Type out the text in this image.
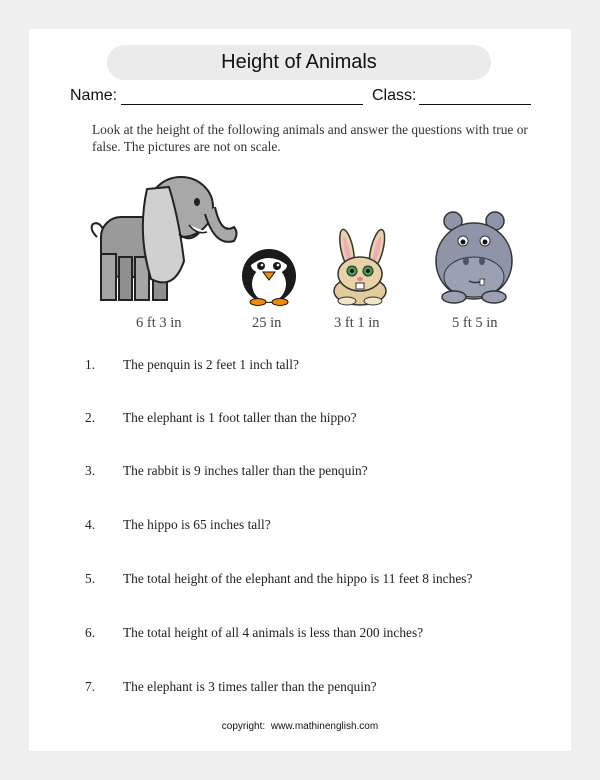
Height of Animals
Name:	Class:
Look at the height of the following animals and answer the questions with true or false. The pictures are not on scale.
6 ft 3 in	25 in	3 ft 1 in	5 ft 5 in
1. The penquin is 2 feet 1 inch tall?
2. The elephant is 1 foot taller than the hippo?
3. The rabbit is 9 inches taller than the penquin?
4. The hippo is 65 inches tall?
5. The total height of the elephant and the hippo is 11 feet 8 inches?
6. The total height of all 4 animals is less than 200 inches?
7. The elephant is 3 times taller than the penquin?
copyright: www.mathinenglish.com
